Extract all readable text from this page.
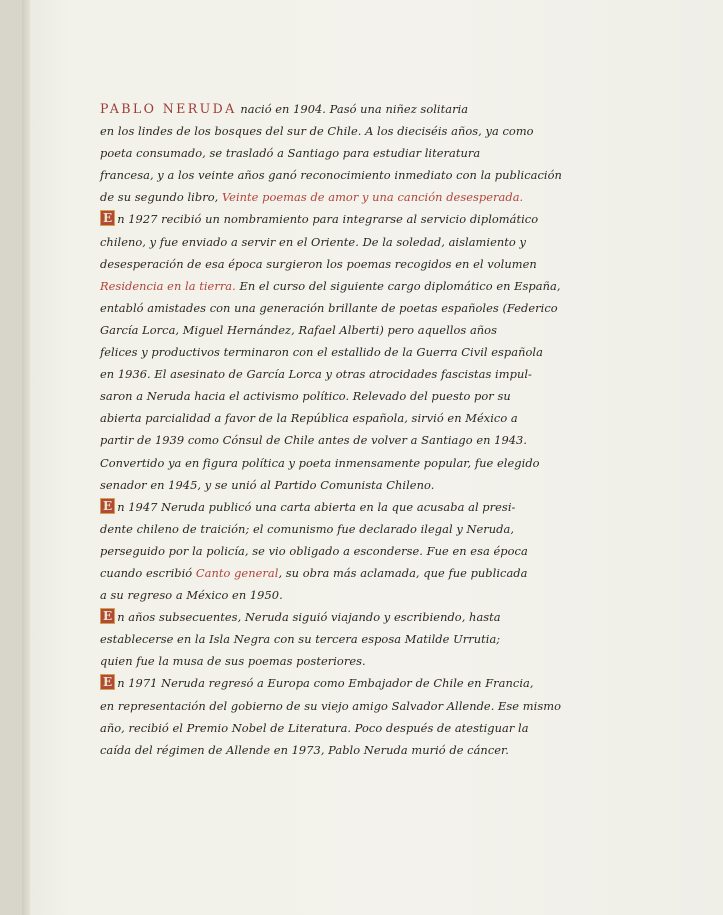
PABLO NERUDA nació en 1904. Pasó una niñez solitaria
en los lindes de los bosques del sur de Chile. A los dieciséis años, ya como
poeta consumado, se trasladó a Santiago para estudiar literatura
francesa, y a los veinte años ganó reconocimiento inmediato con la publicación
de su segundo libro, Veinte poemas de amor y una canción desesperada.
E n 1927 recibió un nombramiento para integrarse al servicio diplomático
chileno, y fue enviado a servir en el Oriente. De la soledad, aislamiento y
desesperación de esa época surgieron los poemas recogidos en el volumen
Residencia en la tierra. En el curso del siguiente cargo diplomático en España,
entabló amistades con una generación brillante de poetas españoles (Federico
García Lorca, Miguel Hernández, Rafael Alberti) pero aquellos años
felices y productivos terminaron con el estallido de la Guerra Civil española
en 1936. El asesinato de García Lorca y otras atrocidades fascistas impul-
saron a Neruda hacia el activismo político. Relevado del puesto por su
abierta parcialidad a favor de la República española, sirvió en México a
partir de 1939 como Cónsul de Chile antes de volver a Santiago en 1943.
Convertido ya en figura política y poeta inmensamente popular, fue elegido
senador en 1945, y se unió al Partido Comunista Chileno.
E n 1947 Neruda publicó una carta abierta en la que acusaba al presi-
dente chileno de traición; el comunismo fue declarado ilegal y Neruda,
perseguido por la policía, se vio obligado a esconderse. Fue en esa época
cuando escribió Canto general, su obra más aclamada, que fue publicada
a su regreso a México en 1950.
E n años subsecuentes, Neruda siguió viajando y escribiendo, hasta
establecerse en la Isla Negra con su tercera esposa Matilde Urrutia;
quien fue la musa de sus poemas posteriores.
E n 1971 Neruda regresó a Europa como Embajador de Chile en Francia,
en representación del gobierno de su viejo amigo Salvador Allende. Ese mismo
año, recibió el Premio Nobel de Literatura. Poco después de atestiguar la
caída del régimen de Allende en 1973, Pablo Neruda murió de cáncer.
